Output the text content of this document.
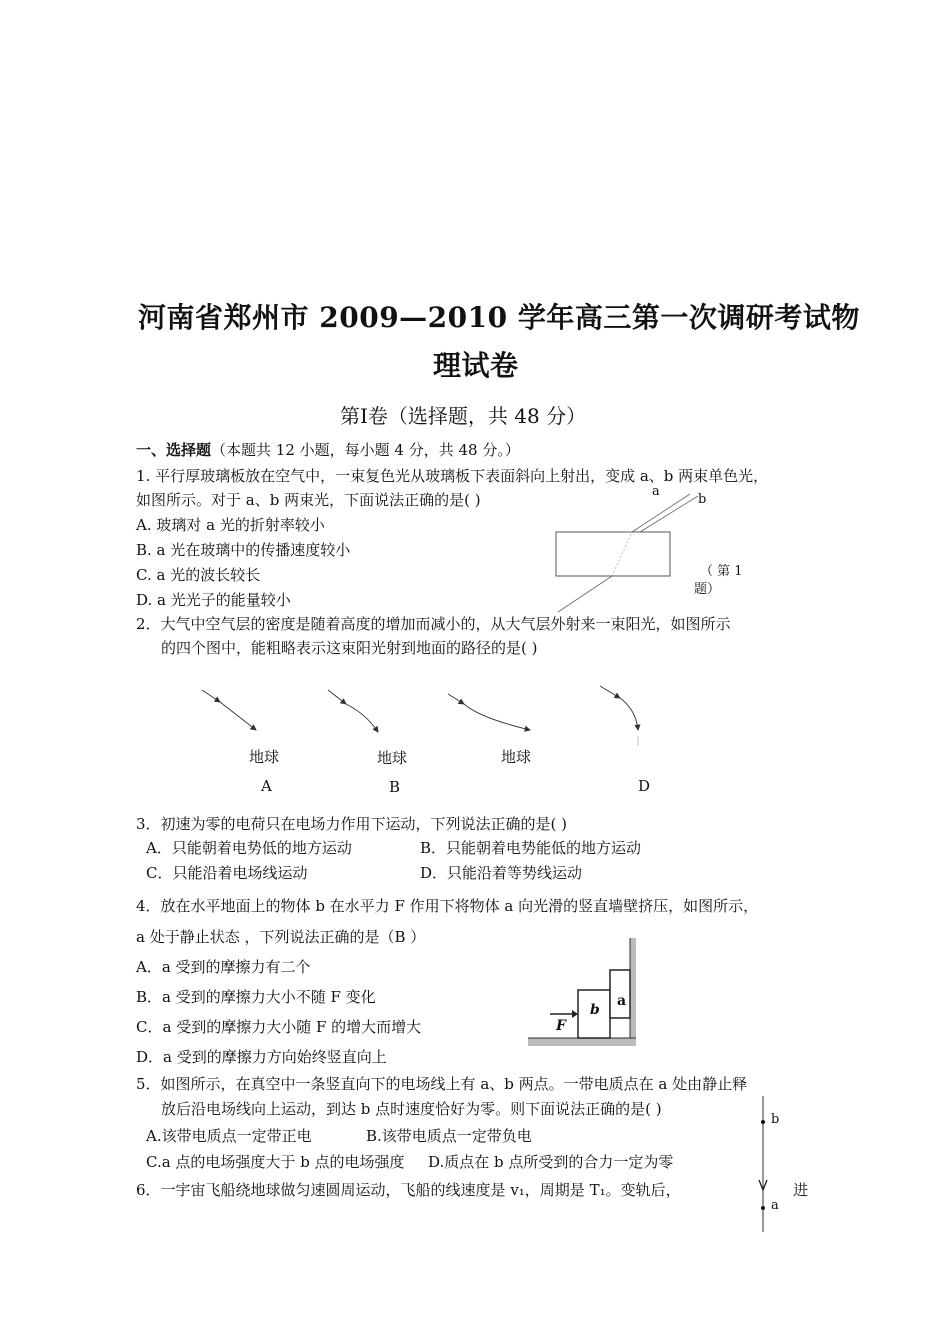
河南省郑州市 2009—2010 学年高三第一次调研考试物
理试卷
第Ⅰ卷（选择题，共 48 分）
一、选择题（本题共 12 小题，每小题 4 分，共 48 分。）
1. 平行厚玻璃板放在空气中，一束复色光从玻璃板下表面斜向上射出，变成 a、b 两束单色光，
如图所示。对于 a、b 两束光，下面说法正确的是( )
A. 玻璃对 a 光的折射率较小
B. a 光在玻璃中的传播速度较小
C. a 光的波长较长
D. a 光光子的能量较小
a
b
（ 第 1
题）
2．大气中空气层的密度是随着高度的增加而减小的，从大气层外射来一束阳光，如图所示
的四个图中，能粗略表示这束阳光射到地面的路径的是( )
地球	地球	地球
A	B	D
3．初速为零的电荷只在电场力作用下运动，下列说法正确的是( )
A．只能朝着电势低的地方运动	B．只能朝着电势能低的地方运动
C．只能沿着电场线运动	D．只能沿着等势线运动
4．放在水平地面上的物体 b 在水平力 F 作用下将物体 a 向光滑的竖直墙壁挤压，如图所示，
a 处于静止状态 ，下列说法正确的是（B ）
A．a 受到的摩擦力有二个
B．a 受到的摩擦力大小不随 F 变化
C．a 受到的摩擦力大小随 F 的增大而增大
D．a 受到的摩擦力方向始终竖直向上
F
b
a
5．如图所示，在真空中一条竖直向下的电场线上有 a、b 两点。一带电质点在 a 处由静止释
放后沿电场线向上运动，到达 b 点时速度恰好为零。则下面说法正确的是( )
A.该带电质点一定带正电	B.该带电质点一定带负电
C.a 点的电场强度大于 b 点的电场强度 D.质点在 b 点所受到的合力一定为零
b
a
6．一宇宙飞船绕地球做匀速圆周运动，飞船的线速度是 v₁，周期是 T₁。变轨后，	进
